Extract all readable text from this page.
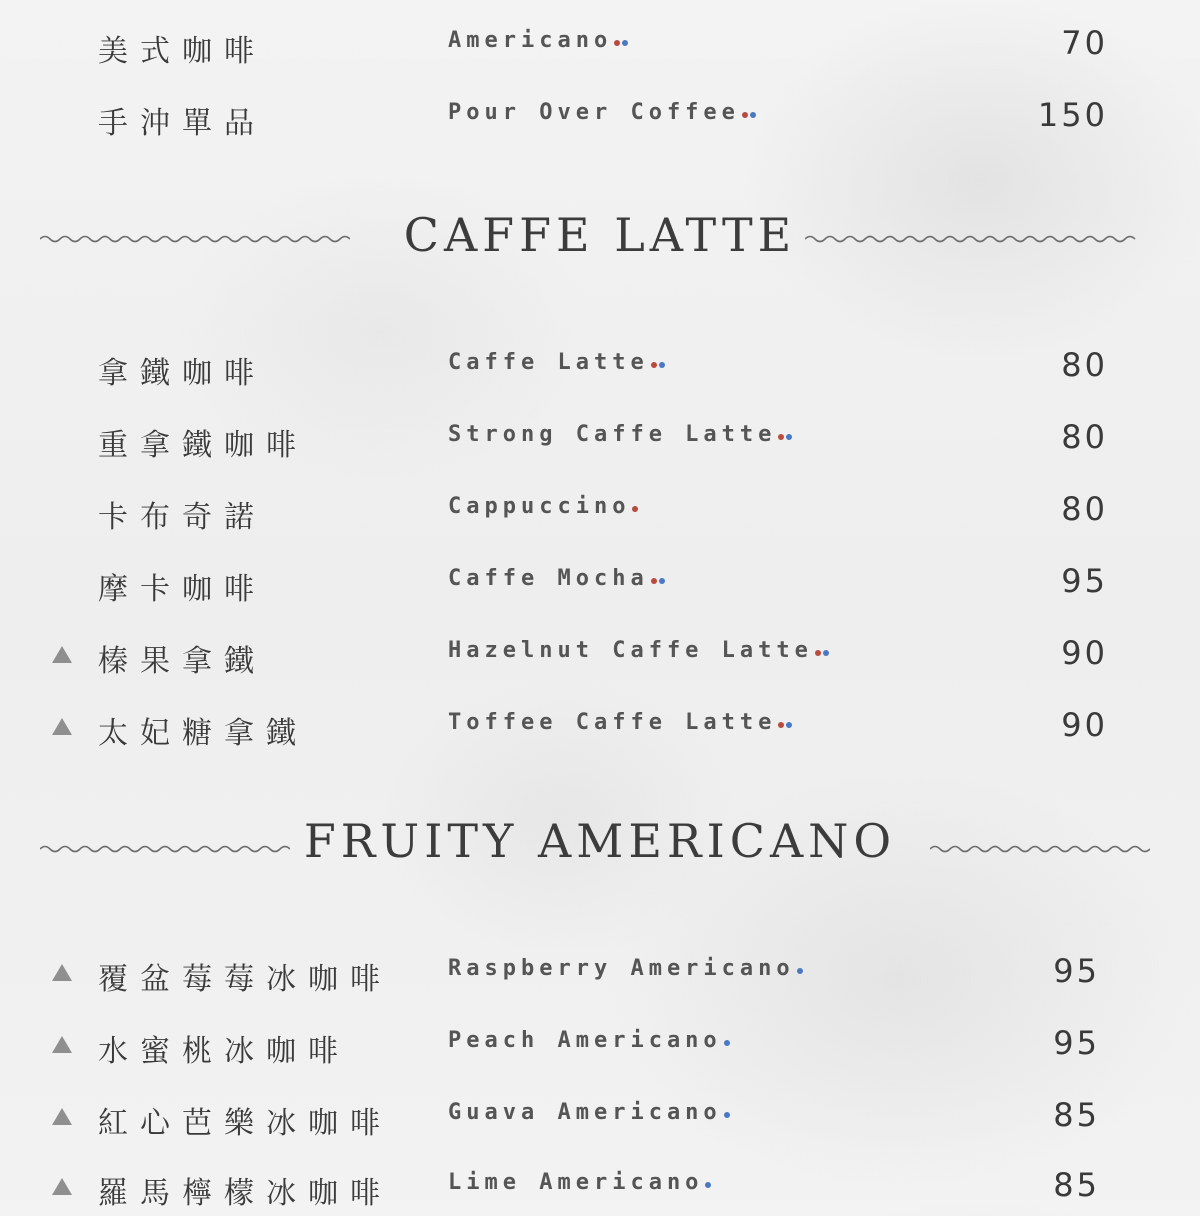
美式咖啡	Americano	70
手沖單品	Pour Over Coffee	150
CAFFE LATTE
拿鐵咖啡	Caffe Latte	80
重拿鐵咖啡	Strong Caffe Latte	80
卡布奇諾	Cappuccino	80
摩卡咖啡	Caffe Mocha	95
榛果拿鐵	Hazelnut Caffe Latte	90
太妃糖拿鐵	Toffee Caffe Latte	90
FRUITY AMERICANO
覆盆莓莓冰咖啡	Raspberry Americano	95
水蜜桃冰咖啡	Peach Americano	95
紅心芭樂冰咖啡	Guava Americano	85
羅馬檸檬冰咖啡	Lime Americano	85
